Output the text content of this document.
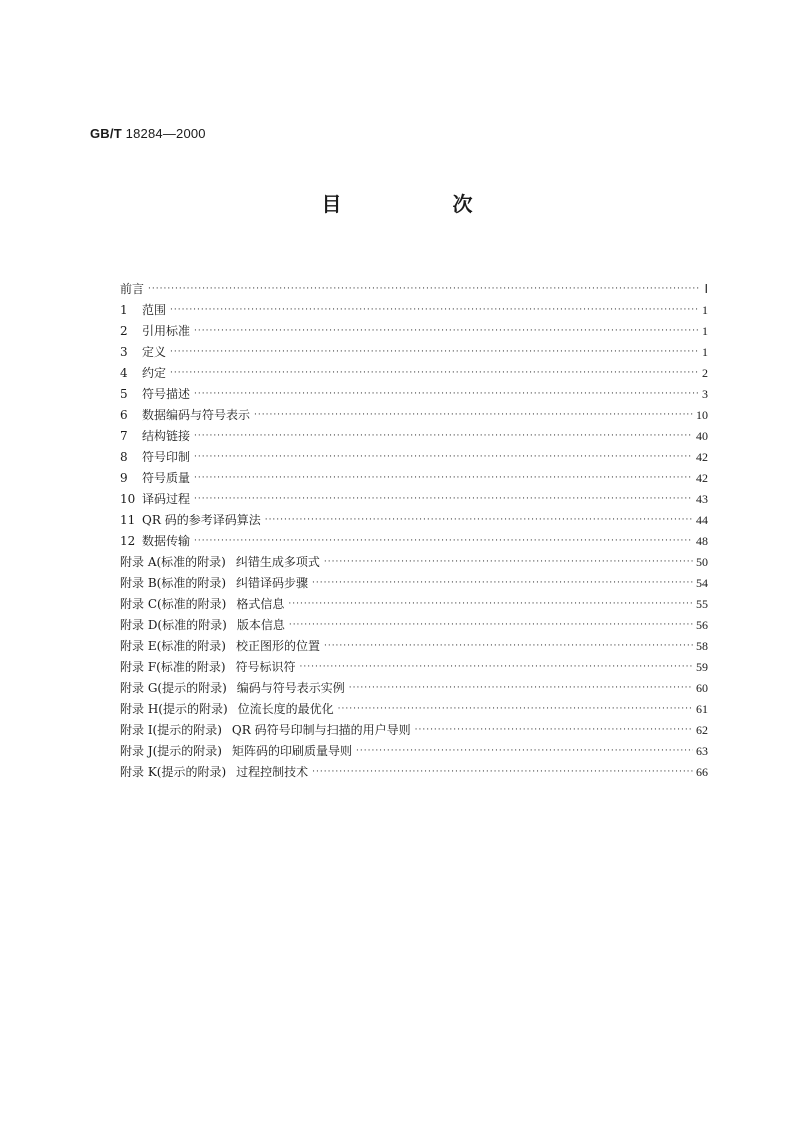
GB/T 18284—2000
目 次
前言 ·····	Ⅰ
1 范围 ·····	1
2 引用标准 ·····	1
3 定义 ·····	1
4 约定 ·····	2
5 符号描述 ·····	3
6 数据编码与符号表示 ·····	10
7 结构链接 ·····	40
8 符号印制 ·····	42
9 符号质量 ·····	42
10 译码过程 ·····	43
11 QR 码的参考译码算法 ·····	44
12 数据传输 ·····	48
附录 A(标准的附录) 纠错生成多项式 ·····	50
附录 B(标准的附录) 纠错译码步骤 ·····	54
附录 C(标准的附录) 格式信息 ·····	55
附录 D(标准的附录) 版本信息 ·····	56
附录 E(标准的附录) 校正图形的位置 ·····	58
附录 F(标准的附录) 符号标识符 ·····	59
附录 G(提示的附录) 编码与符号表示实例 ·····	60
附录 H(提示的附录) 位流长度的最优化 ·····	61
附录 I(提示的附录) QR 码符号印制与扫描的用户导则 ·····	62
附录 J(提示的附录) 矩阵码的印刷质量导则 ·····	63
附录 K(提示的附录) 过程控制技术 ·····	66
